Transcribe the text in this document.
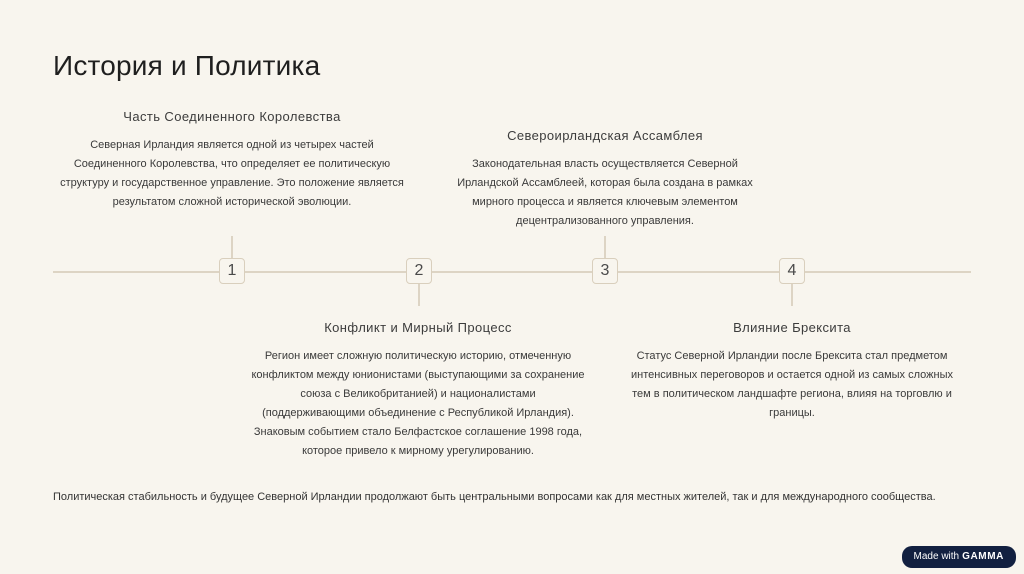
История и Политика
1	2	3	4
Часть Соединенного Королевства

Северная Ирландия является одной из четырех частей Соединенного Королевства, что определяет ее политическую структуру и государственное управление. Это положение является результатом сложной исторической эволюции.

Североирландская Ассамблея

Законодательная власть осуществляется Северной Ирландской Ассамблеей, которая была создана в рамках мирного процесса и является ключевым элементом децентрализованного управления.

Конфликт и Мирный Процесс

Регион имеет сложную политическую историю, отмеченную конфликтом между юнионистами (выступающими за сохранение союза с Великобританией) и националистами (поддерживающими объединение с Республикой Ирландия). Знаковым событием стало Белфастское соглашение 1998 года, которое привело к мирному урегулированию.

Влияние Брексита

Статус Северной Ирландии после Брексита стал предметом интенсивных переговоров и остается одной из самых сложных тем в политическом ландшафте региона, влияя на торговлю и границы.

Политическая стабильность и будущее Северной Ирландии продолжают быть центральными вопросами как для местных жителей, так и для международного сообщества.
Made with GAMMA
